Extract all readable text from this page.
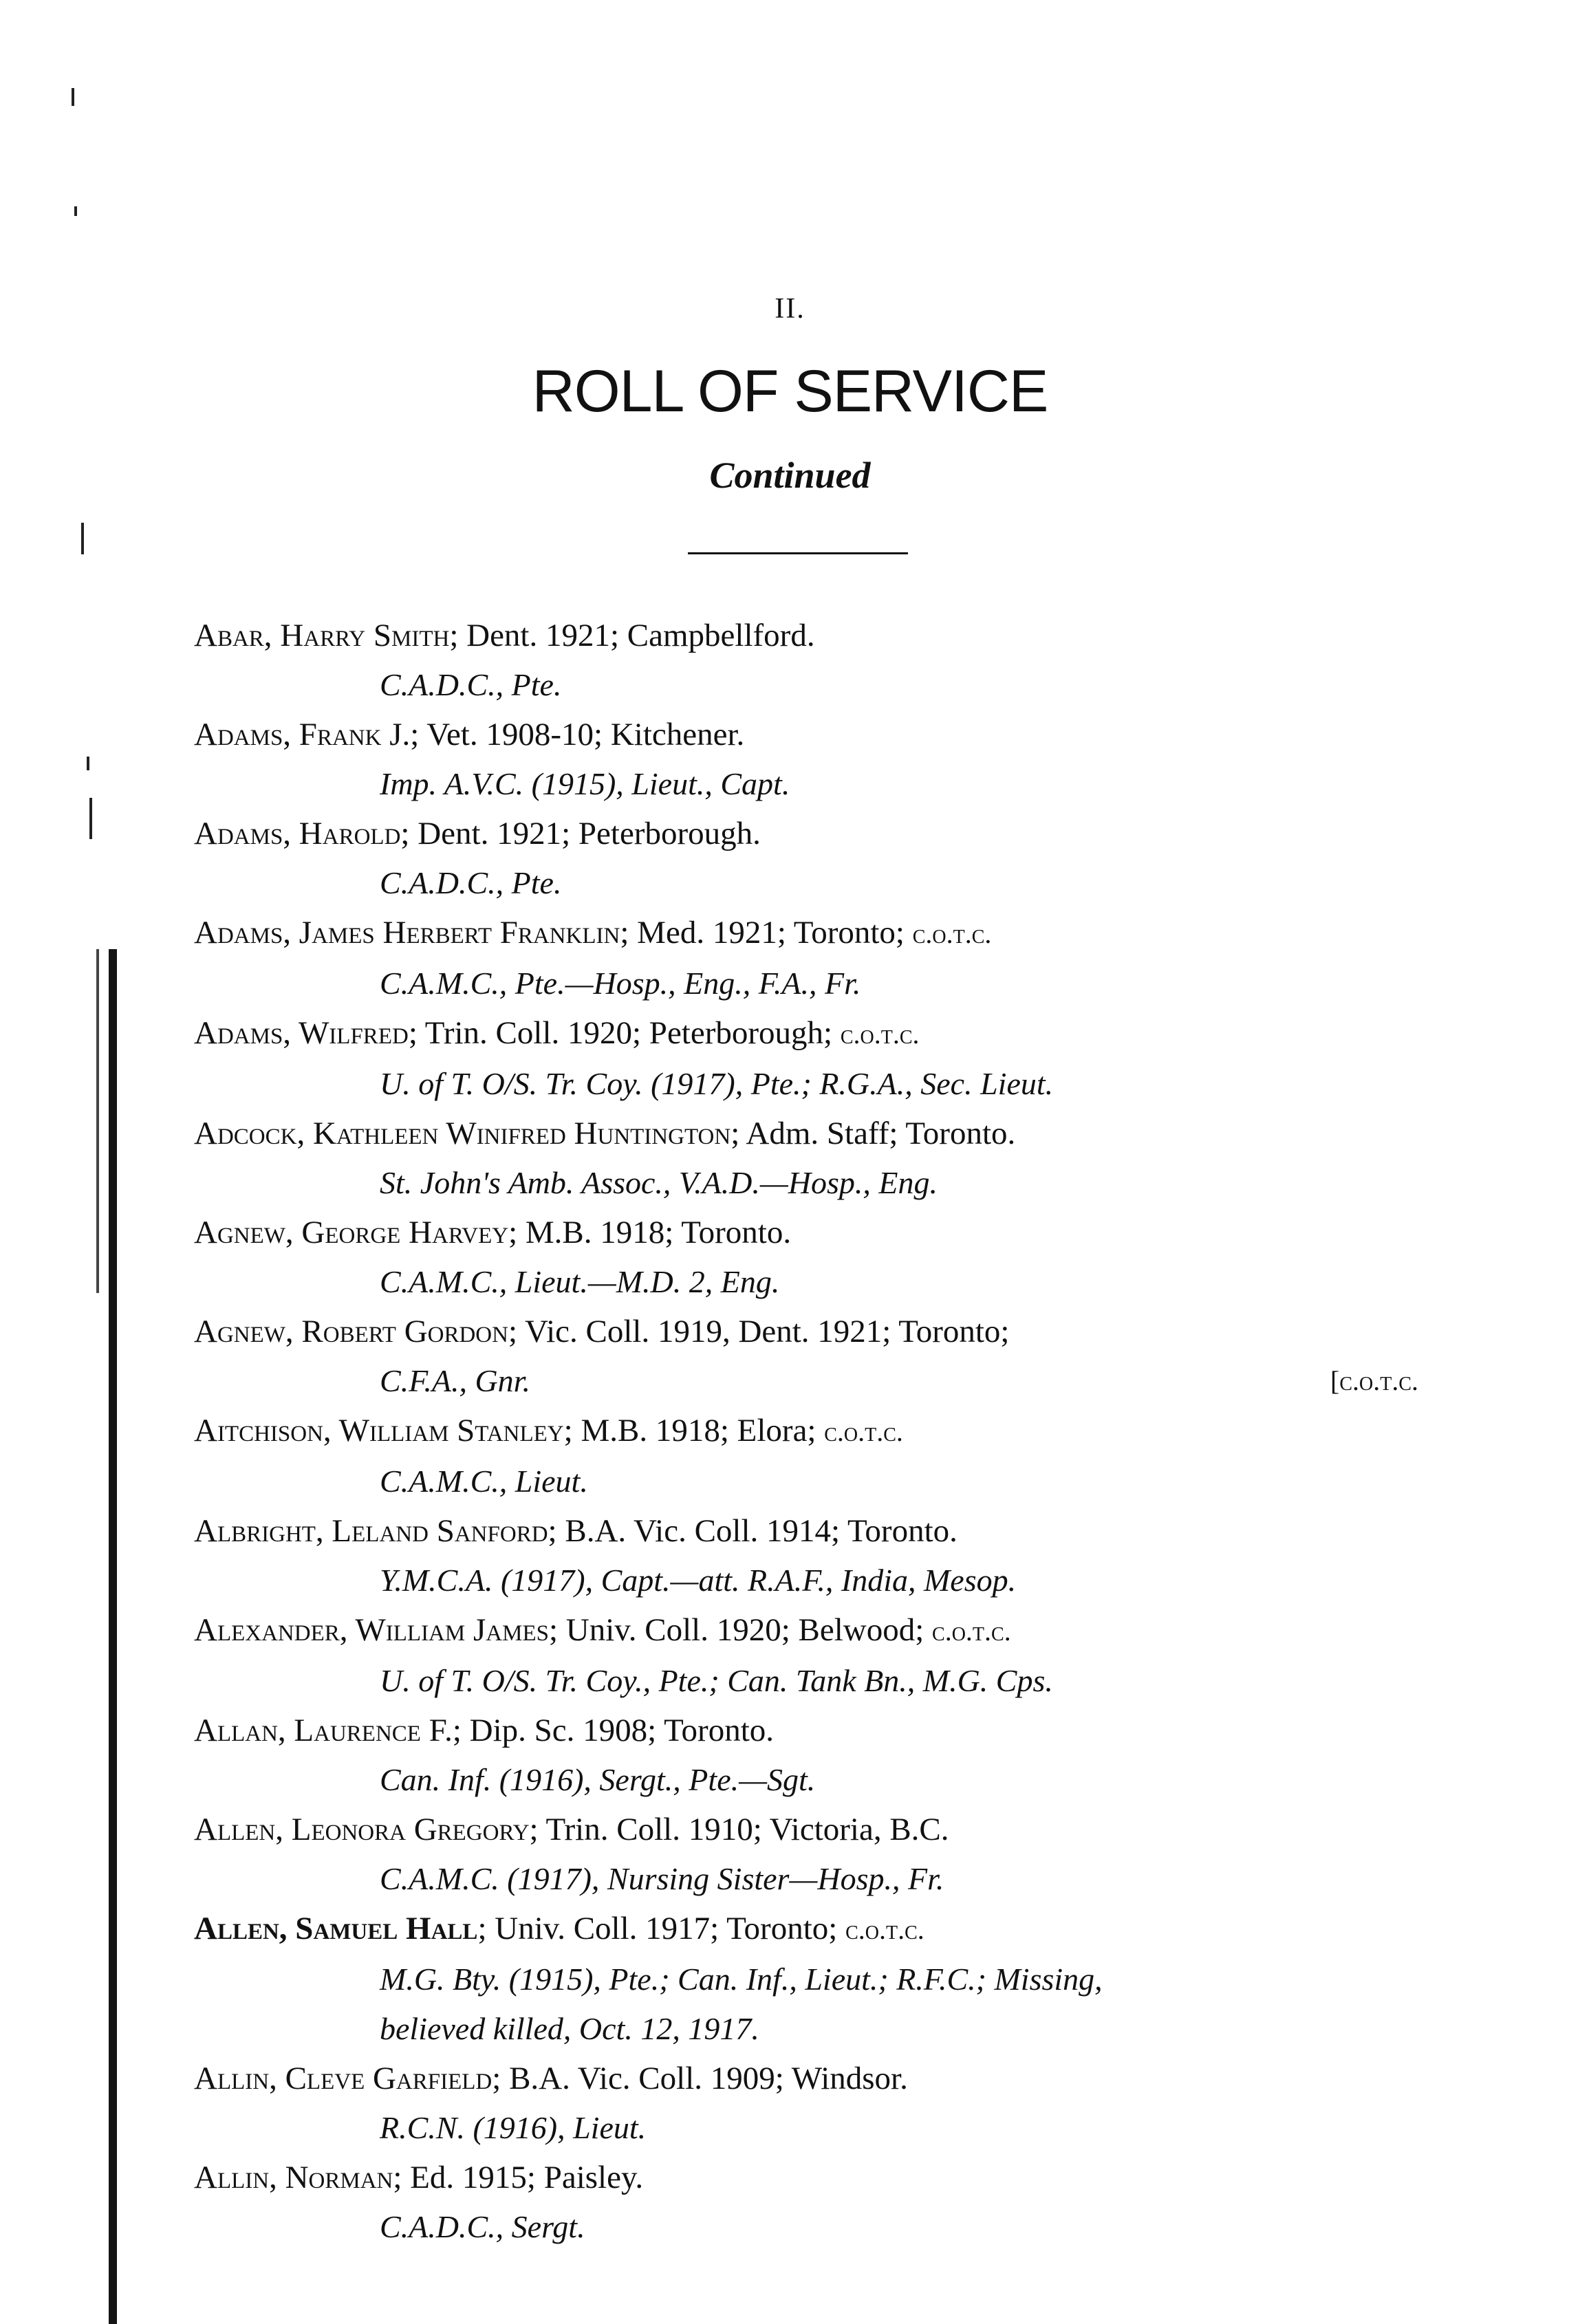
II.
ROLL OF SERVICE
Continued
Abar, Harry Smith; Dent. 1921; Campbellford.
C.A.D.C., Pte.
Adams, Frank J.; Vet. 1908-10; Kitchener.
Imp. A.V.C. (1915), Lieut., Capt.
Adams, Harold; Dent. 1921; Peterborough.
C.A.D.C., Pte.
Adams, James Herbert Franklin; Med. 1921; Toronto; c.o.t.c.
C.A.M.C., Pte.—Hosp., Eng., F.A., Fr.
Adams, Wilfred; Trin. Coll. 1920; Peterborough; c.o.t.c.
U. of T. O/S. Tr. Coy. (1917), Pte.; R.G.A., Sec. Lieut.
Adcock, Kathleen Winifred Huntington; Adm. Staff; Toronto.
St. John's Amb. Assoc., V.A.D.—Hosp., Eng.
Agnew, George Harvey; M.B. 1918; Toronto.
C.A.M.C., Lieut.—M.D. 2, Eng.
Agnew, Robert Gordon; Vic. Coll. 1919, Dent. 1921; Toronto;
C.F.A., Gnr.	[c.o.t.c.
Aitchison, William Stanley; M.B. 1918; Elora; c.o.t.c.
C.A.M.C., Lieut.
Albright, Leland Sanford; B.A. Vic. Coll. 1914; Toronto.
Y.M.C.A. (1917), Capt.—att. R.A.F., India, Mesop.
Alexander, William James; Univ. Coll. 1920; Belwood; c.o.t.c.
U. of T. O/S. Tr. Coy., Pte.; Can. Tank Bn., M.G. Cps.
Allan, Laurence F.; Dip. Sc. 1908; Toronto.
Can. Inf. (1916), Sergt., Pte.—Sgt.
Allen, Leonora Gregory; Trin. Coll. 1910; Victoria, B.C.
C.A.M.C. (1917), Nursing Sister—Hosp., Fr.
Allen, Samuel Hall; Univ. Coll. 1917; Toronto; c.o.t.c.
M.G. Bty. (1915), Pte.; Can. Inf., Lieut.; R.F.C.; Missing,
believed killed, Oct. 12, 1917.
Allin, Cleve Garfield; B.A. Vic. Coll. 1909; Windsor.
R.C.N. (1916), Lieut.
Allin, Norman; Ed. 1915; Paisley.
C.A.D.C., Sergt.
